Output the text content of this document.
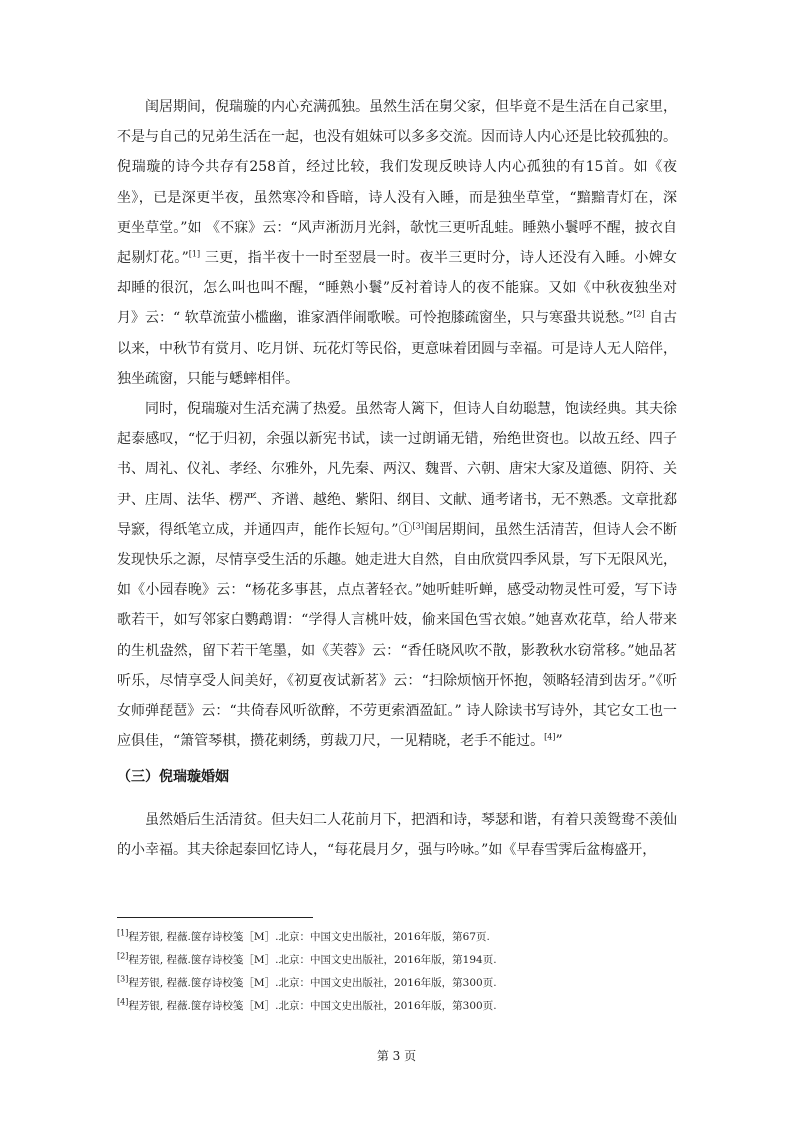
闺居期间，倪瑞璇的内心充满孤独。虽然生活在舅父家，但毕竟不是生活在自己家里，不是与自己的兄弟生活在一起，也没有姐妹可以多多交流。因而诗人内心还是比较孤独的。倪瑞璇的诗今共存有258首，经过比较，我们发现反映诗人内心孤独的有15首。如《夜坐》，已是深更半夜，虽然寒冷和昏暗，诗人没有入睡，而是独坐草堂，“黯黯青灯在，深更坐草堂。”如 《不寐》云：“风声淅沥月光斜，欹忱三更听乱蛙。睡熟小鬟呼不醒，披衣自起剔灯花。”[1] 三更，指半夜十一时至翌晨一时。夜半三更时分，诗人还没有入睡。小婢女却睡的很沉，怎么叫也叫不醒，“睡熟小鬟”反衬着诗人的夜不能寐。又如《中秋夜独坐对月》云：“ 软草流萤小槛幽，谁家酒伴闹歌喉。可怜抱膝疏窗坐，只与寒蛩共说愁。”[2] 自古以来，中秋节有赏月、吃月饼、玩花灯等民俗，更意味着团圆与幸福。可是诗人无人陪伴，独坐疏窗，只能与蟋蟀相伴。

同时，倪瑞璇对生活充满了热爱。虽然寄人篱下，但诗人自幼聪慧，饱读经典。其夫徐起泰感叹，“忆于归初，余强以新宪书试，读一过朗诵无错，殆绝世资也。以故五经、四子书、周礼、仪礼、孝经、尔雅外，凡先秦、两汉、魏晋、六朝、唐宋大家及道德、阴符、关尹、庄周、法华、楞严、齐谱、越绝、紫阳、纲目、文献、通考诸书，无不熟悉。文章批郄导窾，得纸笔立成，并通四声，能作长短句。”①[3]闺居期间，虽然生活清苦，但诗人会不断发现快乐之源，尽情享受生活的乐趣。她走进大自然，自由欣赏四季风景，写下无限风光，如《小园春晚》云：“杨花多事甚，点点著轻衣。”她听蛙听蝉，感受动物灵性可爱，写下诗歌若干，如写邻家白鹦鹉谓：“学得人言桃叶妓，偷来国色雪衣娘。”她喜欢花草，给人带来的生机盎然，留下若干笔墨，如《芙蓉》云：“香任晓风吹不散，影教秋水窃常移。”她品茗听乐，尽情享受人间美好，《初夏夜试新茗》云：“扫除烦恼开怀抱，领略轻清到齿牙。”《听女师弹琵琶》云：“共倚春风听欲醉，不劳更索酒盈缸。” 诗人除读书写诗外，其它女工也一应俱佳，“箫管琴棋，攒花刺绣，剪裁刀尺，一见精晓，老手不能过。[4]”

（三）倪瑞璇婚姻

虽然婚后生活清贫。但夫妇二人花前月下，把酒和诗，琴瑟和谐，有着只羡鸳鸯不羡仙的小幸福。其夫徐起泰回忆诗人，“每花晨月夕，强与吟咏。”如《早春雪霁后盆梅盛开，

[1]程芳银, 程薇.箧存诗校笺［M］.北京：中国文史出版社，2016年版，第67页.
[2]程芳银, 程薇.箧存诗校笺［M］.北京：中国文史出版社，2016年版，第194页.
[3]程芳银, 程薇.箧存诗校笺［M］.北京：中国文史出版社，2016年版，第300页.
[4]程芳银, 程薇.箧存诗校笺［M］.北京：中国文史出版社，2016年版，第300页.
第 3 页
